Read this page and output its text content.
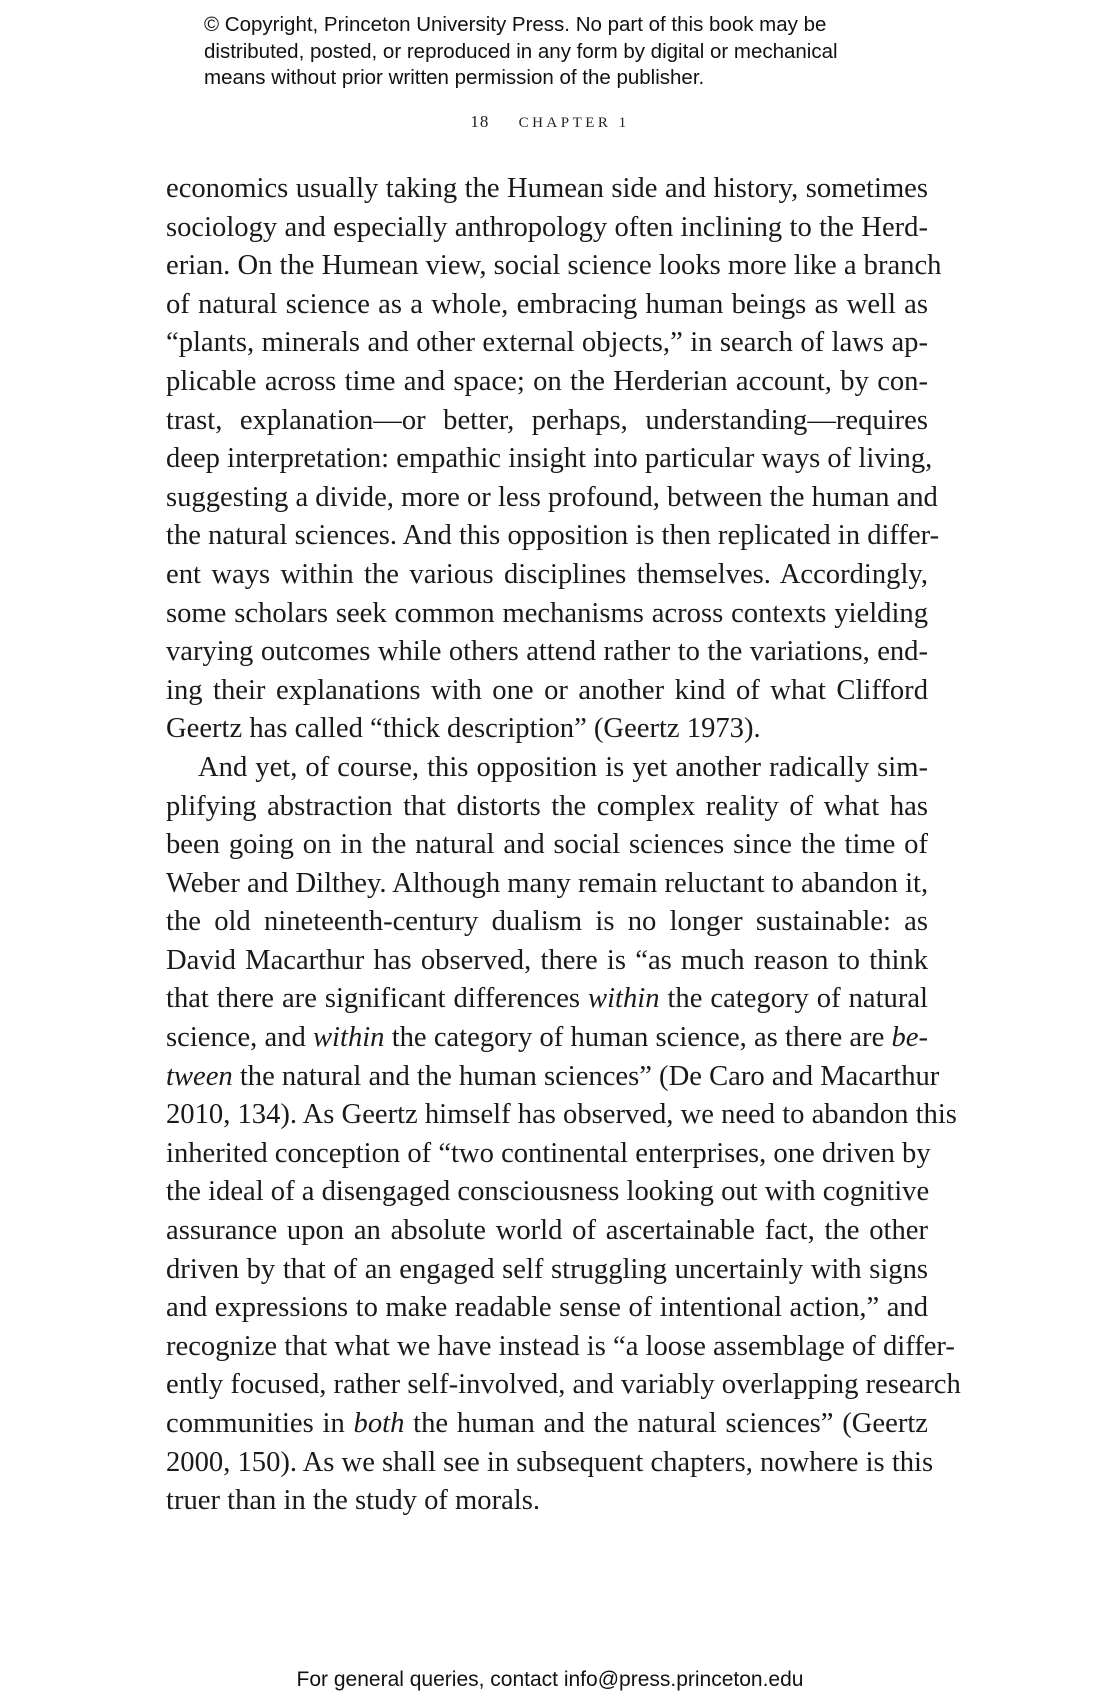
© Copyright, Princeton University Press. No part of this book may be
distributed, posted, or reproduced in any form by digital or mechanical
means without prior written permission of the publisher.
18 CHAPTER 1
economics usually taking the Humean side and history, sometimes
sociology and especially anthropology often inclining to the Herd-
erian. On the Humean view, social science looks more like a branch
of natural science as a whole, embracing human beings as well as
“plants, minerals and other external objects,” in search of laws ap-
plicable across time and space; on the Herderian account, by con-
trast, explanation—or better, perhaps, understanding—requires
deep interpretation: empathic insight into particular ways of living,
suggesting a divide, more or less profound, between the human and
the natural sciences. And this opposition is then replicated in differ-
ent ways within the various disciplines themselves. Accordingly,
some scholars seek common mechanisms across contexts yielding
varying outcomes while others attend rather to the variations, end-
ing their explanations with one or another kind of what Clifford
Geertz has called “thick description” (Geertz 1973).
And yet, of course, this opposition is yet another radically sim-
plifying abstraction that distorts the complex reality of what has
been going on in the natural and social sciences since the time of
Weber and Dilthey. Although many remain reluctant to abandon it,
the old nineteenth-century dualism is no longer sustainable: as
David Macarthur has observed, there is “as much reason to think
that there are significant differences within the category of natural
science, and within the category of human science, as there are be-
tween the natural and the human sciences” (De Caro and Macarthur
2010, 134). As Geertz himself has observed, we need to abandon this
inherited conception of “two continental enterprises, one driven by
the ideal of a disengaged consciousness looking out with cognitive
assurance upon an absolute world of ascertainable fact, the other
driven by that of an engaged self struggling uncertainly with signs
and expressions to make readable sense of intentional action,” and
recognize that what we have instead is “a loose assemblage of differ-
ently focused, rather self-involved, and variably overlapping research
communities in both the human and the natural sciences” (Geertz
2000, 150). As we shall see in subsequent chapters, nowhere is this
truer than in the study of morals.
For general queries, contact info@press.princeton.edu
